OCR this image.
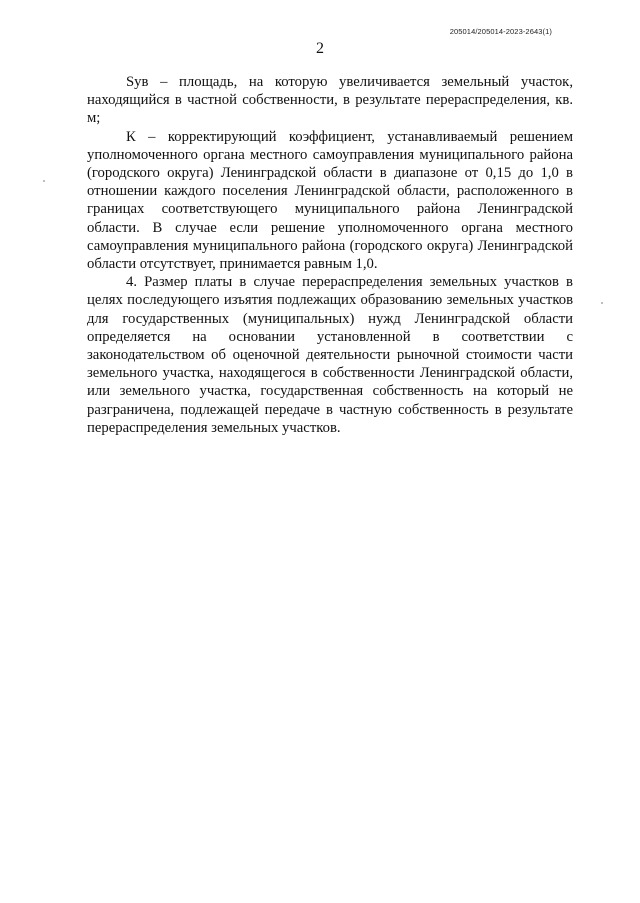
205014/205014-2023-2643(1)
2

Sув – площадь, на которую увеличивается земельный участок, находящийся в частной собственности, в результате перераспределения, кв. м;

К – корректирующий коэффициент, устанавливаемый решением уполномоченного органа местного самоуправления муниципального района (городского округа) Ленинградской области в диапазоне от 0,15 до 1,0 в отношении каждого поселения Ленинградской области, расположенного в границах соответствующего муниципального района Ленинградской области. В случае если решение уполномоченного органа местного самоуправления муниципального района (городского округа) Ленинградской области отсутствует, принимается равным 1,0.

4. Размер платы в случае перераспределения земельных участков в целях последующего изъятия подлежащих образованию земельных участков для государственных (муниципальных) нужд Ленинградской области определяется на основании установленной в соответствии с законодательством об оценочной деятельности рыночной стоимости части земельного участка, находящегося в собственности Ленинградской области, или земельного участка, государственная собственность на который не разграничена, подлежащей передаче в частную собственность в результате перераспределения земельных участков.
